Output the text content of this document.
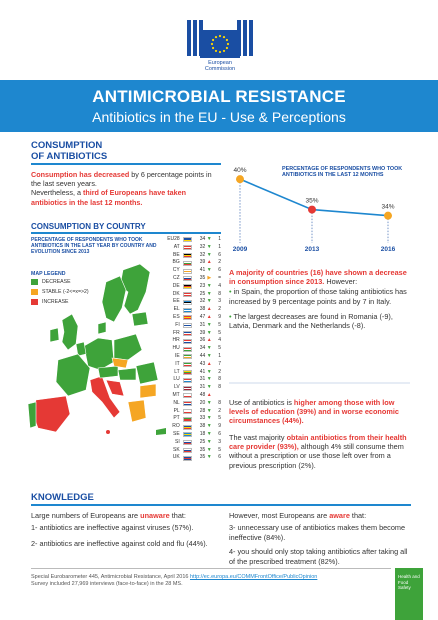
European
Commission
ANTIMICROBIAL RESISTANCE
Antibiotics in the EU - Use & Perceptions
CONSUMPTION
OF ANTIBIOTICS
Consumption has decreased by 6 percentage points in the last seven years.
Nevertheless, a third of Europeans have taken antibiotics in the last 12 months.
40%
2009
35%
2013
34%
2016
PERCENTAGE OF RESPONDENTS WHO TOOK ANTIBIOTICS IN THE LAST 12 MONTHS
CONSUMPTION BY COUNTRY
PERCENTAGE OF RESPONDENTS WHO TOOK ANTIBIOTICS IN THE LAST YEAR BY COUNTRY AND EVOLUTION SINCE 2013
MAP LEGEND
DECREASE
STABLE (-2<=x=>2)
INCREASE
EU28	34 ▼	1
AT	32 ▼	1
BE	32 ▼	6
BG	39 ▲	2
CY	41 ▼	6
CZ	35 ▶	=
DE	23 ▼	4
DK	25 ▼	8
EE	32 ▼	3
EL	38 ▲	2
ES	47 ▲	9
FI	31 ▼	5
FR	39 ▼	5
HR	36 ▲	4
HU	34 ▼	5
IE	44 ▼	1
IT	43 ▲	7
LT	41 ▼	2
LU	31 ▼	8
LV	31 ▼	8
MT	48 ▲
NL	20 ▼	8
PL	28 ▼	2
PT	33 ▼	5
RO	38 ▼	9
SE	18 ▼	6
SI	25 ▼	3
SK	35 ▼	5
UK	35 ▼	6
A majority of countries (16) have shown a decrease in consumption since 2013. However:
• in Spain, the proportion of those taking antibiotics has increased by 9 percentage points and by 7 in Italy.
• The largest decreases are found in Romania (-9), Latvia, Denmark and the Netherlands (-8).
Use of antibiotics is higher among those with low levels of education (39%) and in worse economic circumstances (44%).
The vast majority obtain antibiotics from their health care provider (93%), although 4% still consume them without a prescription or use those left over from a previous prescription (2%).
KNOWLEDGE
Large numbers of Europeans are unaware that:
1- antibiotics are ineffective against viruses (57%).
2- antibiotics are ineffective against cold and flu (44%).
However, most Europeans are aware that:
3- unnecessary use of antibiotics makes them become ineffective (84%).
4- you should only stop taking antibiotics after taking all of the prescribed treatment (82%).
Special Eurobarometer 445, Antimicrobial Resistance, April 2016 http://ec.europa.eu/COMMFrontOffice/PublicOpinion
Survey included 27,969 interviews (face-to-face) in the 28 MS.
Health and
Food Safety
